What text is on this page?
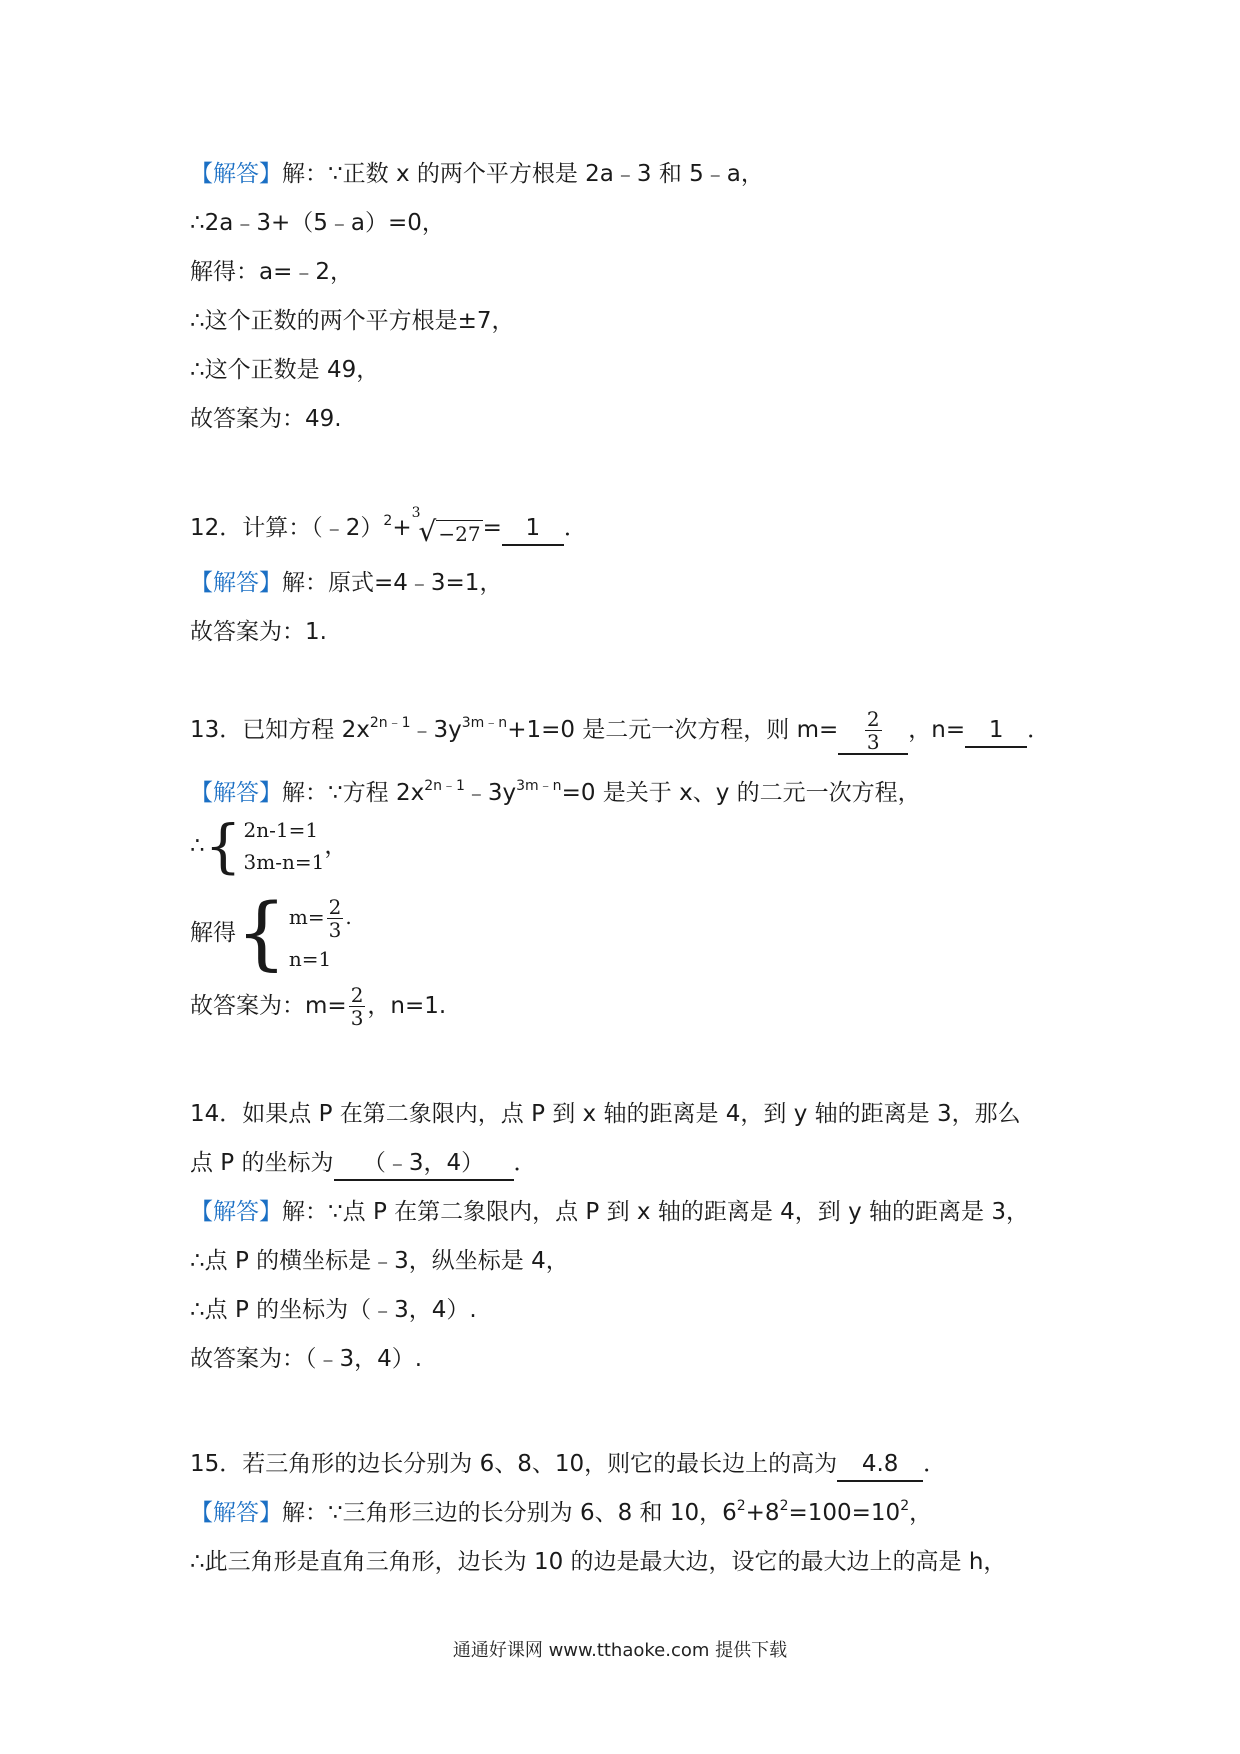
【解答】解：∵正数 x 的两个平方根是 2a﹣3 和 5﹣a，
∴2a﹣3+（5﹣a）=0，
解得：a=﹣2，
∴这个正数的两个平方根是±7，
∴这个正数是 49，
故答案为：49.
12．计算：（﹣2）$^2$+
3
√ −27 = 1 ．
【解答】解：原式=4﹣3=1，
故答案为：1.
13．已知方程 $2x^{2n﹣1}﹣3y^{3m﹣n}+1=0$ 是二元一次方程，则 $m= \frac{2}{3}$ ，n= 1 ．
【解答】解：∵方程 $2x^{2n﹣1}﹣3y^{3m﹣n}=0$ 是关于 x、y 的二元一次方程，
∴ { 2n-1=1
3m-n=1
，
解得 { $m= \frac{2}{3}$ .
n=1
故答案为：$m= \frac{2}{3}$ ，n=1.
14．如果点 P 在第二象限内，点 P 到 x 轴的距离是 4，到 y 轴的距离是 3，那么
点 P 的坐标为 （﹣3，4） ．
【解答】解：∵点 P 在第二象限内，点 P 到 x 轴的距离是 4，到 y 轴的距离是 3，
∴点 P 的横坐标是﹣3，纵坐标是 4，
∴点 P 的坐标为（﹣3，4）.
故答案为：（﹣3，4）.
15．若三角形的边长分别为 6、8、10，则它的最长边上的高为 4.8 ．
【解答】解：∵三角形三边的长分别为 6、8 和 10，$6^2+8^2=100=10^2$，
∴此三角形是直角三角形，边长为 10 的边是最大边，设它的最大边上的高是 h，
通通好课网 www.tthaoke.com 提供下载
